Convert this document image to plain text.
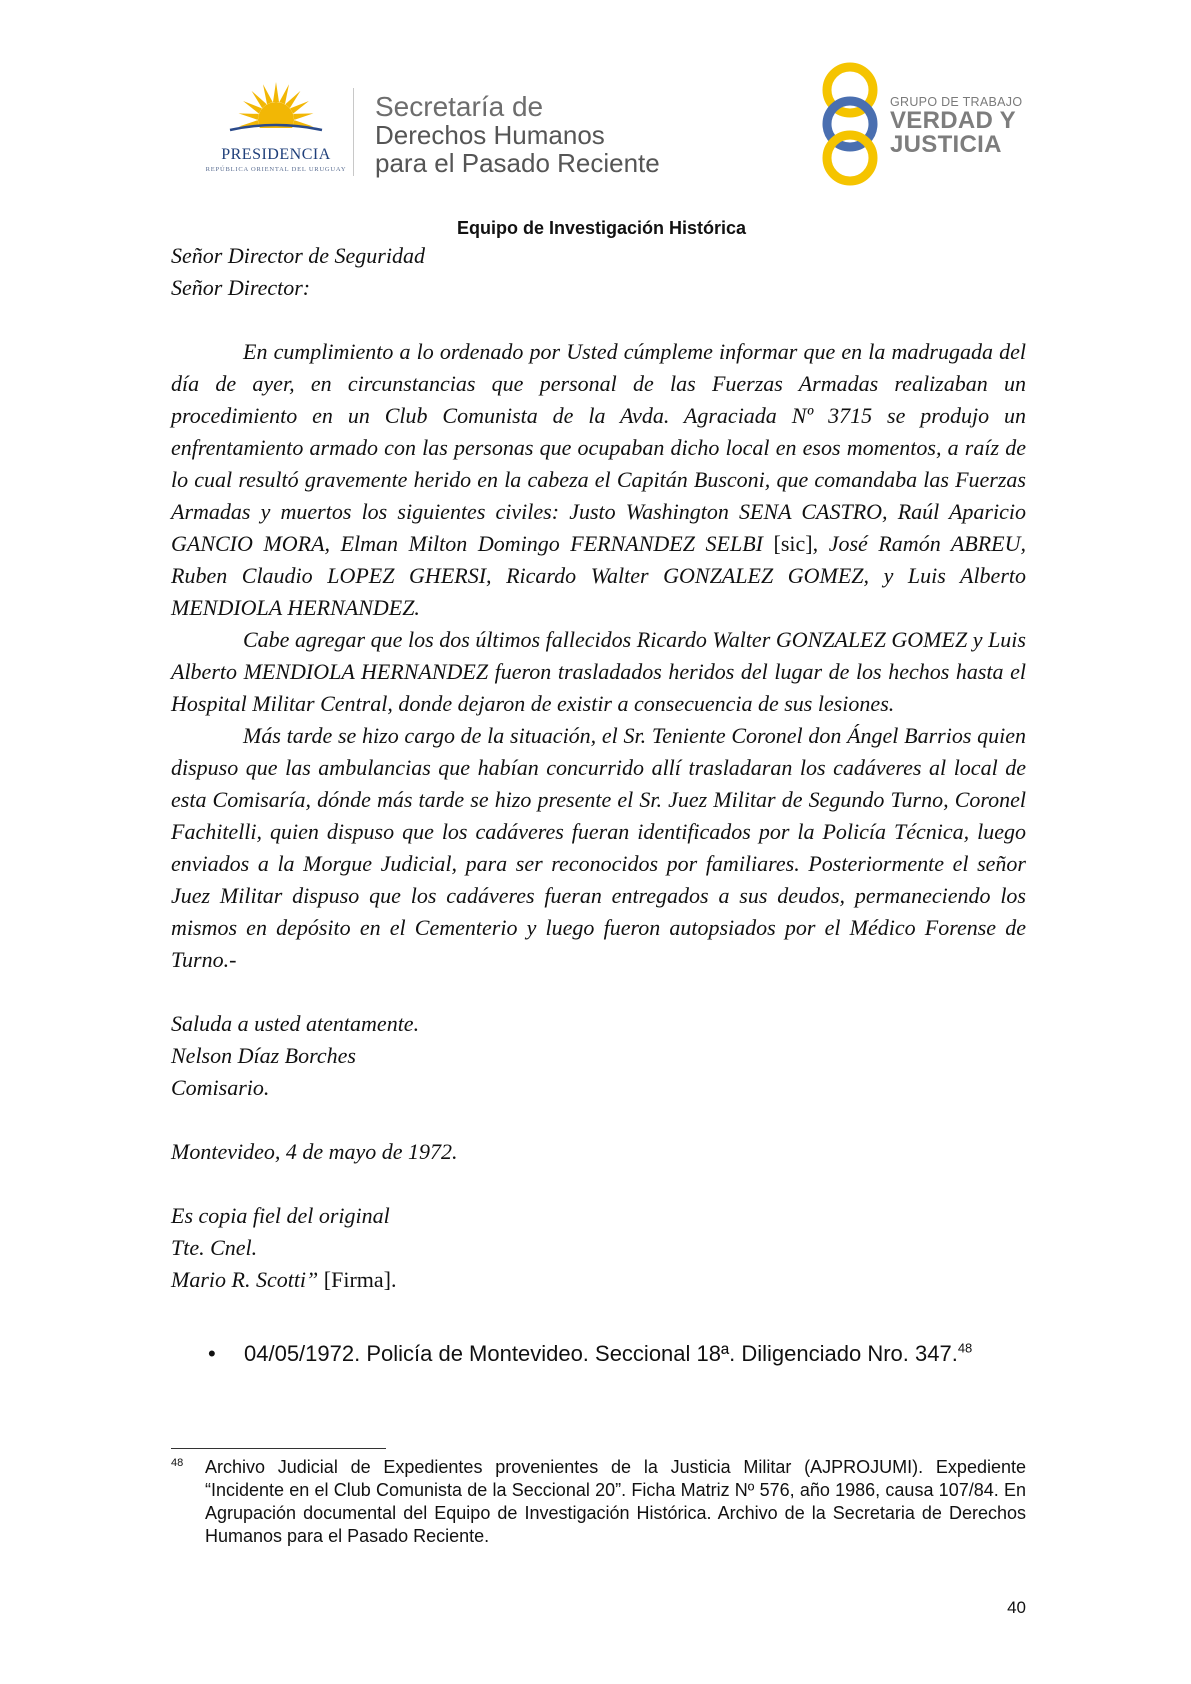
PRESIDENCIA
REPÚBLICA ORIENTAL DEL URUGUAY
Secretaría de
Derechos Humanos
para el Pasado Reciente
GRUPO DE TRABAJO
VERDAD Y
JUSTICIA
Equipo de Investigación Histórica

Señor Director de Seguridad

Señor Director:

En cumplimiento a lo ordenado por Usted cúmpleme informar que en la madrugada del día de ayer, en circunstancias que personal de las Fuerzas Armadas realizaban un procedimiento en un Club Comunista de la Avda. Agraciada Nº 3715 se produjo un enfrentamiento armado con las personas que ocupaban dicho local en esos momentos, a raíz de lo cual resultó gravemente herido en la cabeza el Capitán Busconi, que comandaba las Fuerzas Armadas y muertos los siguientes civiles: Justo Washington SENA CASTRO, Raúl Aparicio GANCIO MORA, Elman Milton Domingo FERNANDEZ SELBI [sic], José Ramón ABREU, Ruben Claudio LOPEZ GHERSI, Ricardo Walter GONZALEZ GOMEZ, y Luis Alberto MENDIOLA HERNANDEZ.

Cabe agregar que los dos últimos fallecidos Ricardo Walter GONZALEZ GOMEZ y Luis Alberto MENDIOLA HERNANDEZ fueron trasladados heridos del lugar de los hechos hasta el Hospital Militar Central, donde dejaron de existir a consecuencia de sus lesiones.

Más tarde se hizo cargo de la situación, el Sr. Teniente Coronel don Ángel Barrios quien dispuso que las ambulancias que habían concurrido allí trasladaran los cadáveres al local de esta Comisaría, dónde más tarde se hizo presente el Sr. Juez Militar de Segundo Turno, Coronel Fachitelli, quien dispuso que los cadáveres fueran identificados por la Policía Técnica, luego enviados a la Morgue Judicial, para ser reconocidos por familiares. Posteriormente el señor Juez Militar dispuso que los cadáveres fueran entregados a sus deudos, permaneciendo los mismos en depósito en el Cementerio y luego fueron autopsiados por el Médico Forense de Turno.-

Saluda a usted atentamente.

Nelson Díaz Borches

Comisario.

Montevideo, 4 de mayo de 1972.

Es copia fiel del original

Tte. Cnel.

Mario R. Scotti” [Firma].

• 04/05/1972. Policía de Montevideo. Seccional 18ª. Diligenciado Nro. 347.48
48 Archivo Judicial de Expedientes provenientes de la Justicia Militar (AJPROJUMI). Expediente “Incidente en el Club Comunista de la Seccional 20”. Ficha Matriz Nº 576, año 1986, causa 107/84. En Agrupación documental del Equipo de Investigación Histórica. Archivo de la Secretaria de Derechos Humanos para el Pasado Reciente.
40
